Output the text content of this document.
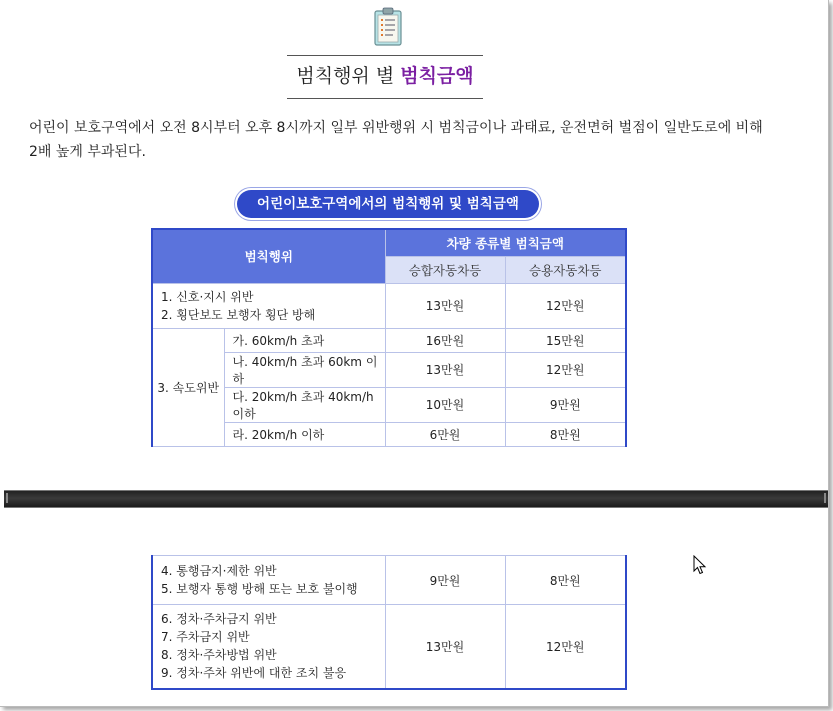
범칙행위 별 범칙금액
어린이 보호구역에서 오전 8시부터 오후 8시까지 일부 위반행위 시 범칙금이나 과태료, 운전면허 벌점이 일반도로에 비해
2배 높게 부과된다.
어린이보호구역에서의 범칙행위 및 범칙금액
범칙행위		차량 종류별 범칙금액	
		승합자동차등	승용자동차등

1. 신호·지시 위반
2. 횡단보도 보행자 횡단 방해		13만원	12만원
3. 속도위반	가. 60km/h 초과	16만원	15만원
	나. 40km/h 초과 60km 이하	13만원	12만원
	다. 20km/h 초과 40km/h 이하	10만원	9만원
	라. 20km/h 이하	6만원	8만원
4. 통행금지·제한 위반
5. 보행자 통행 방해 또는 보호 불이행	9만원	8만원

6. 정차·주차금지 위반
7. 주차금지 위반
8. 정차·주차방법 위반
9. 정차·주차 위반에 대한 조치 불응	13만원	12만원
